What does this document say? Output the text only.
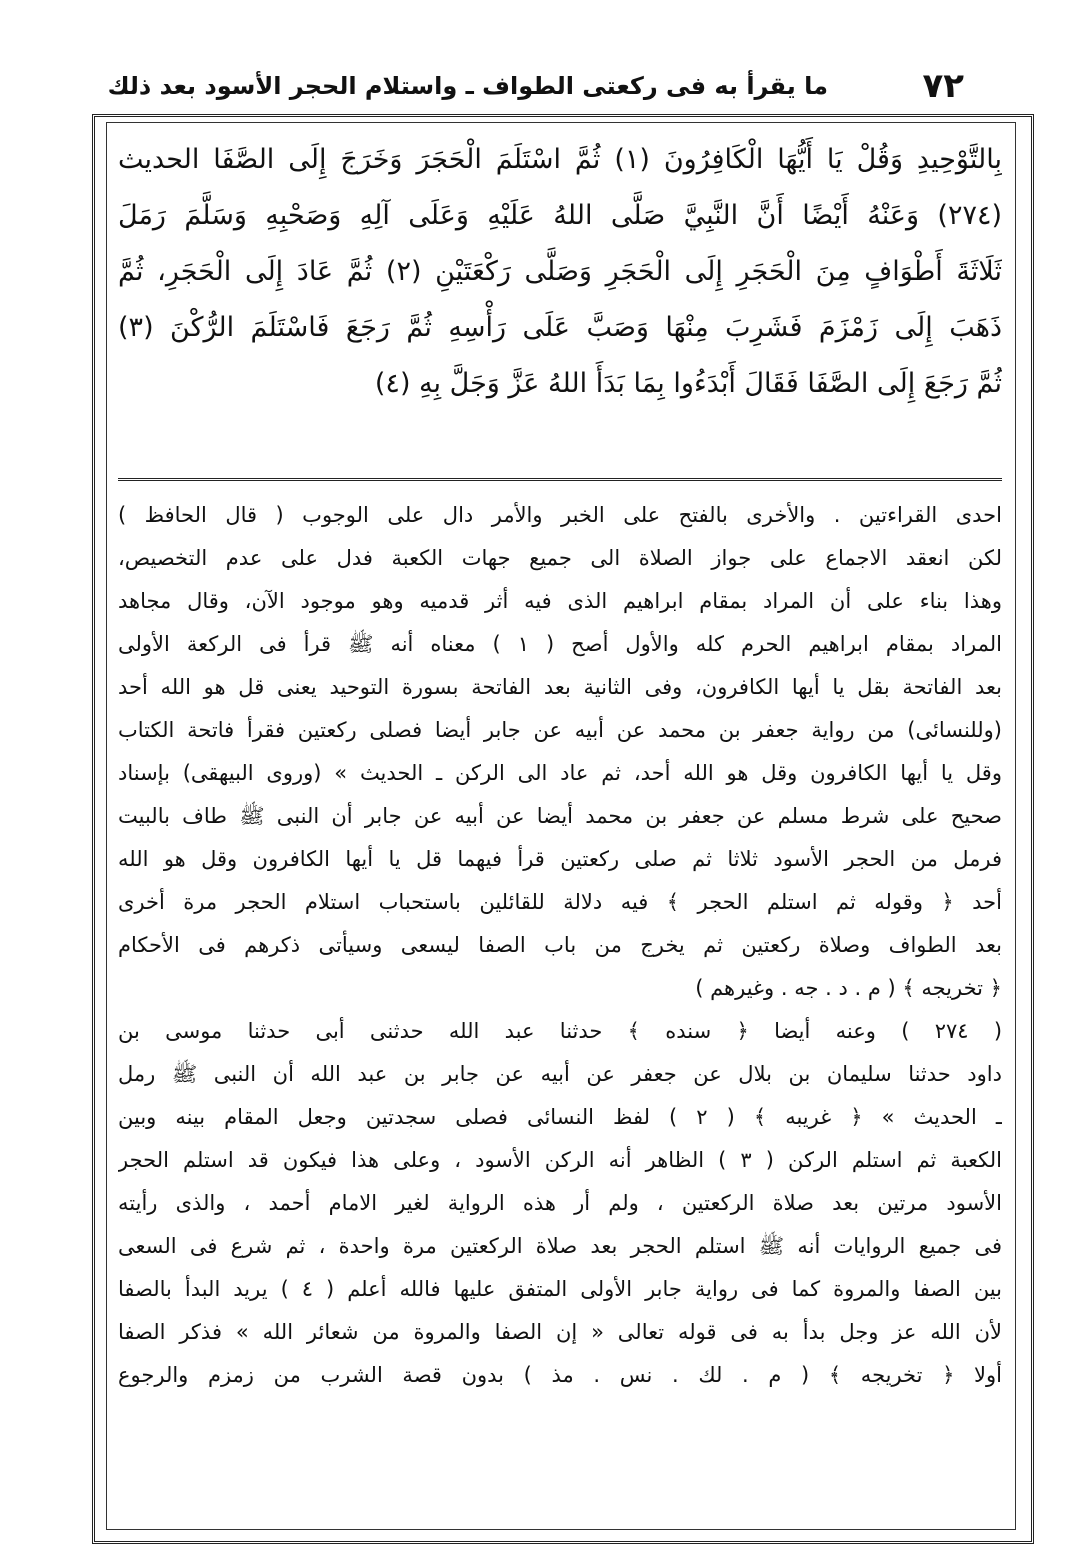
٧٢
ما يقرأ به فى ركعتى الطواف ـ واستلام الحجر الأسود بعد ذلك
بِالتَّوْحِيدِ وَقُلْ يَا أَيُّهَا الْكَافِرُونَ (١) ثُمَّ اسْتَلَمَ الْحَجَرَ وَخَرَجَ إِلَى الصَّفَا الحديث
(٢٧٤) وَعَنْهُ أَيْضًا أَنَّ النَّبِيَّ صَلَّى اللهُ عَلَيْهِ وَعَلَى آلِهِ وَصَحْبِهِ وَسَلَّمَ رَمَلَ
ثَلَاثَةَ أَطْوَافٍ مِنَ الْحَجَرِ إِلَى الْحَجَرِ وَصَلَّى رَكْعَتَيْنِ (٢) ثُمَّ عَادَ إِلَى الْحَجَرِ، ثُمَّ
ذَهَبَ إِلَى زَمْزَمَ فَشَرِبَ مِنْهَا وَصَبَّ عَلَى رَأْسِهِ ثُمَّ رَجَعَ فَاسْتَلَمَ الرُّكْنَ (٣)
ثُمَّ رَجَعَ إِلَى الصَّفَا فَقَالَ أَبْدَءُوا بِمَا بَدَأَ اللهُ عَزَّ وَجَلَّ بِهِ (٤)
احدى القراءتين . والأخرى بالفتح على الخبر والأمر دال على الوجوب ( قال الحافظ )
لكن انعقد الاجماع على جواز الصلاة الى جميع جهات الكعبة فدل على عدم التخصيص،
وهذا بناء على أن المراد بمقام ابراهيم الذى فيه أثر قدميه وهو موجود الآن، وقال مجاهد
المراد بمقام ابراهيم الحرم كله والأول أصح ( ١ ) معناه أنه ﷺ قرأ فى الركعة الأولى
بعد الفاتحة بقل يا أيها الكافرون، وفى الثانية بعد الفاتحة بسورة التوحيد يعنى قل هو الله أحد
(وللنسائى) من رواية جعفر بن محمد عن أبيه عن جابر أيضا فصلى ركعتين فقرأ فاتحة الكتاب
وقل يا أيها الكافرون وقل هو الله أحد، ثم عاد الى الركن ـ الحديث » (وروى البيهقى) بإسناد
صحيح على شرط مسلم عن جعفر بن محمد أيضا عن أبيه عن جابر أن النبى ﷺ طاف بالبيت
فرمل من الحجر الأسود ثلاثا ثم صلى ركعتين قرأ فيهما قل يا أيها الكافرون وقل هو الله
أحد ﴿ وقوله ثم استلم الحجر ﴾ فيه دلالة للقائلين باستحباب استلام الحجر مرة أخرى
بعد الطواف وصلاة ركعتين ثم يخرج من باب الصفا ليسعى وسيأتى ذكرهم فى الأحكام
﴿ تخريجه ﴾ ( م . د . جه . وغيرهم )
( ٢٧٤ ) وعنه أيضا ﴿ سنده ﴾ حدثنا عبد الله حدثنى أبى حدثنا موسى بن
داود حدثنا سليمان بن بلال عن جعفر عن أبيه عن جابر بن عبد الله أن النبى ﷺ رمل
ـ الحديث » ﴿ غريبه ﴾ ( ٢ ) لفظ النسائى فصلى سجدتين وجعل المقام بينه وبين
الكعبة ثم استلم الركن ( ٣ ) الظاهر أنه الركن الأسود ، وعلى هذا فيكون قد استلم الحجر
الأسود مرتين بعد صلاة الركعتين ، ولم أر هذه الرواية لغير الامام أحمد ، والذى رأيته
فى جميع الروايات أنه ﷺ استلم الحجر بعد صلاة الركعتين مرة واحدة ، ثم شرع فى السعى
بين الصفا والمروة كما فى رواية جابر الأولى المتفق عليها فالله أعلم ( ٤ ) يريد البدأ بالصفا
لأن الله عز وجل بدأ به فى قوله تعالى « إن الصفا والمروة من شعائر الله » فذكر الصفا
أولا ﴿ تخريجه ﴾ ( م . لك . نس . مذ ) بدون قصة الشرب من زمزم والرجوع
